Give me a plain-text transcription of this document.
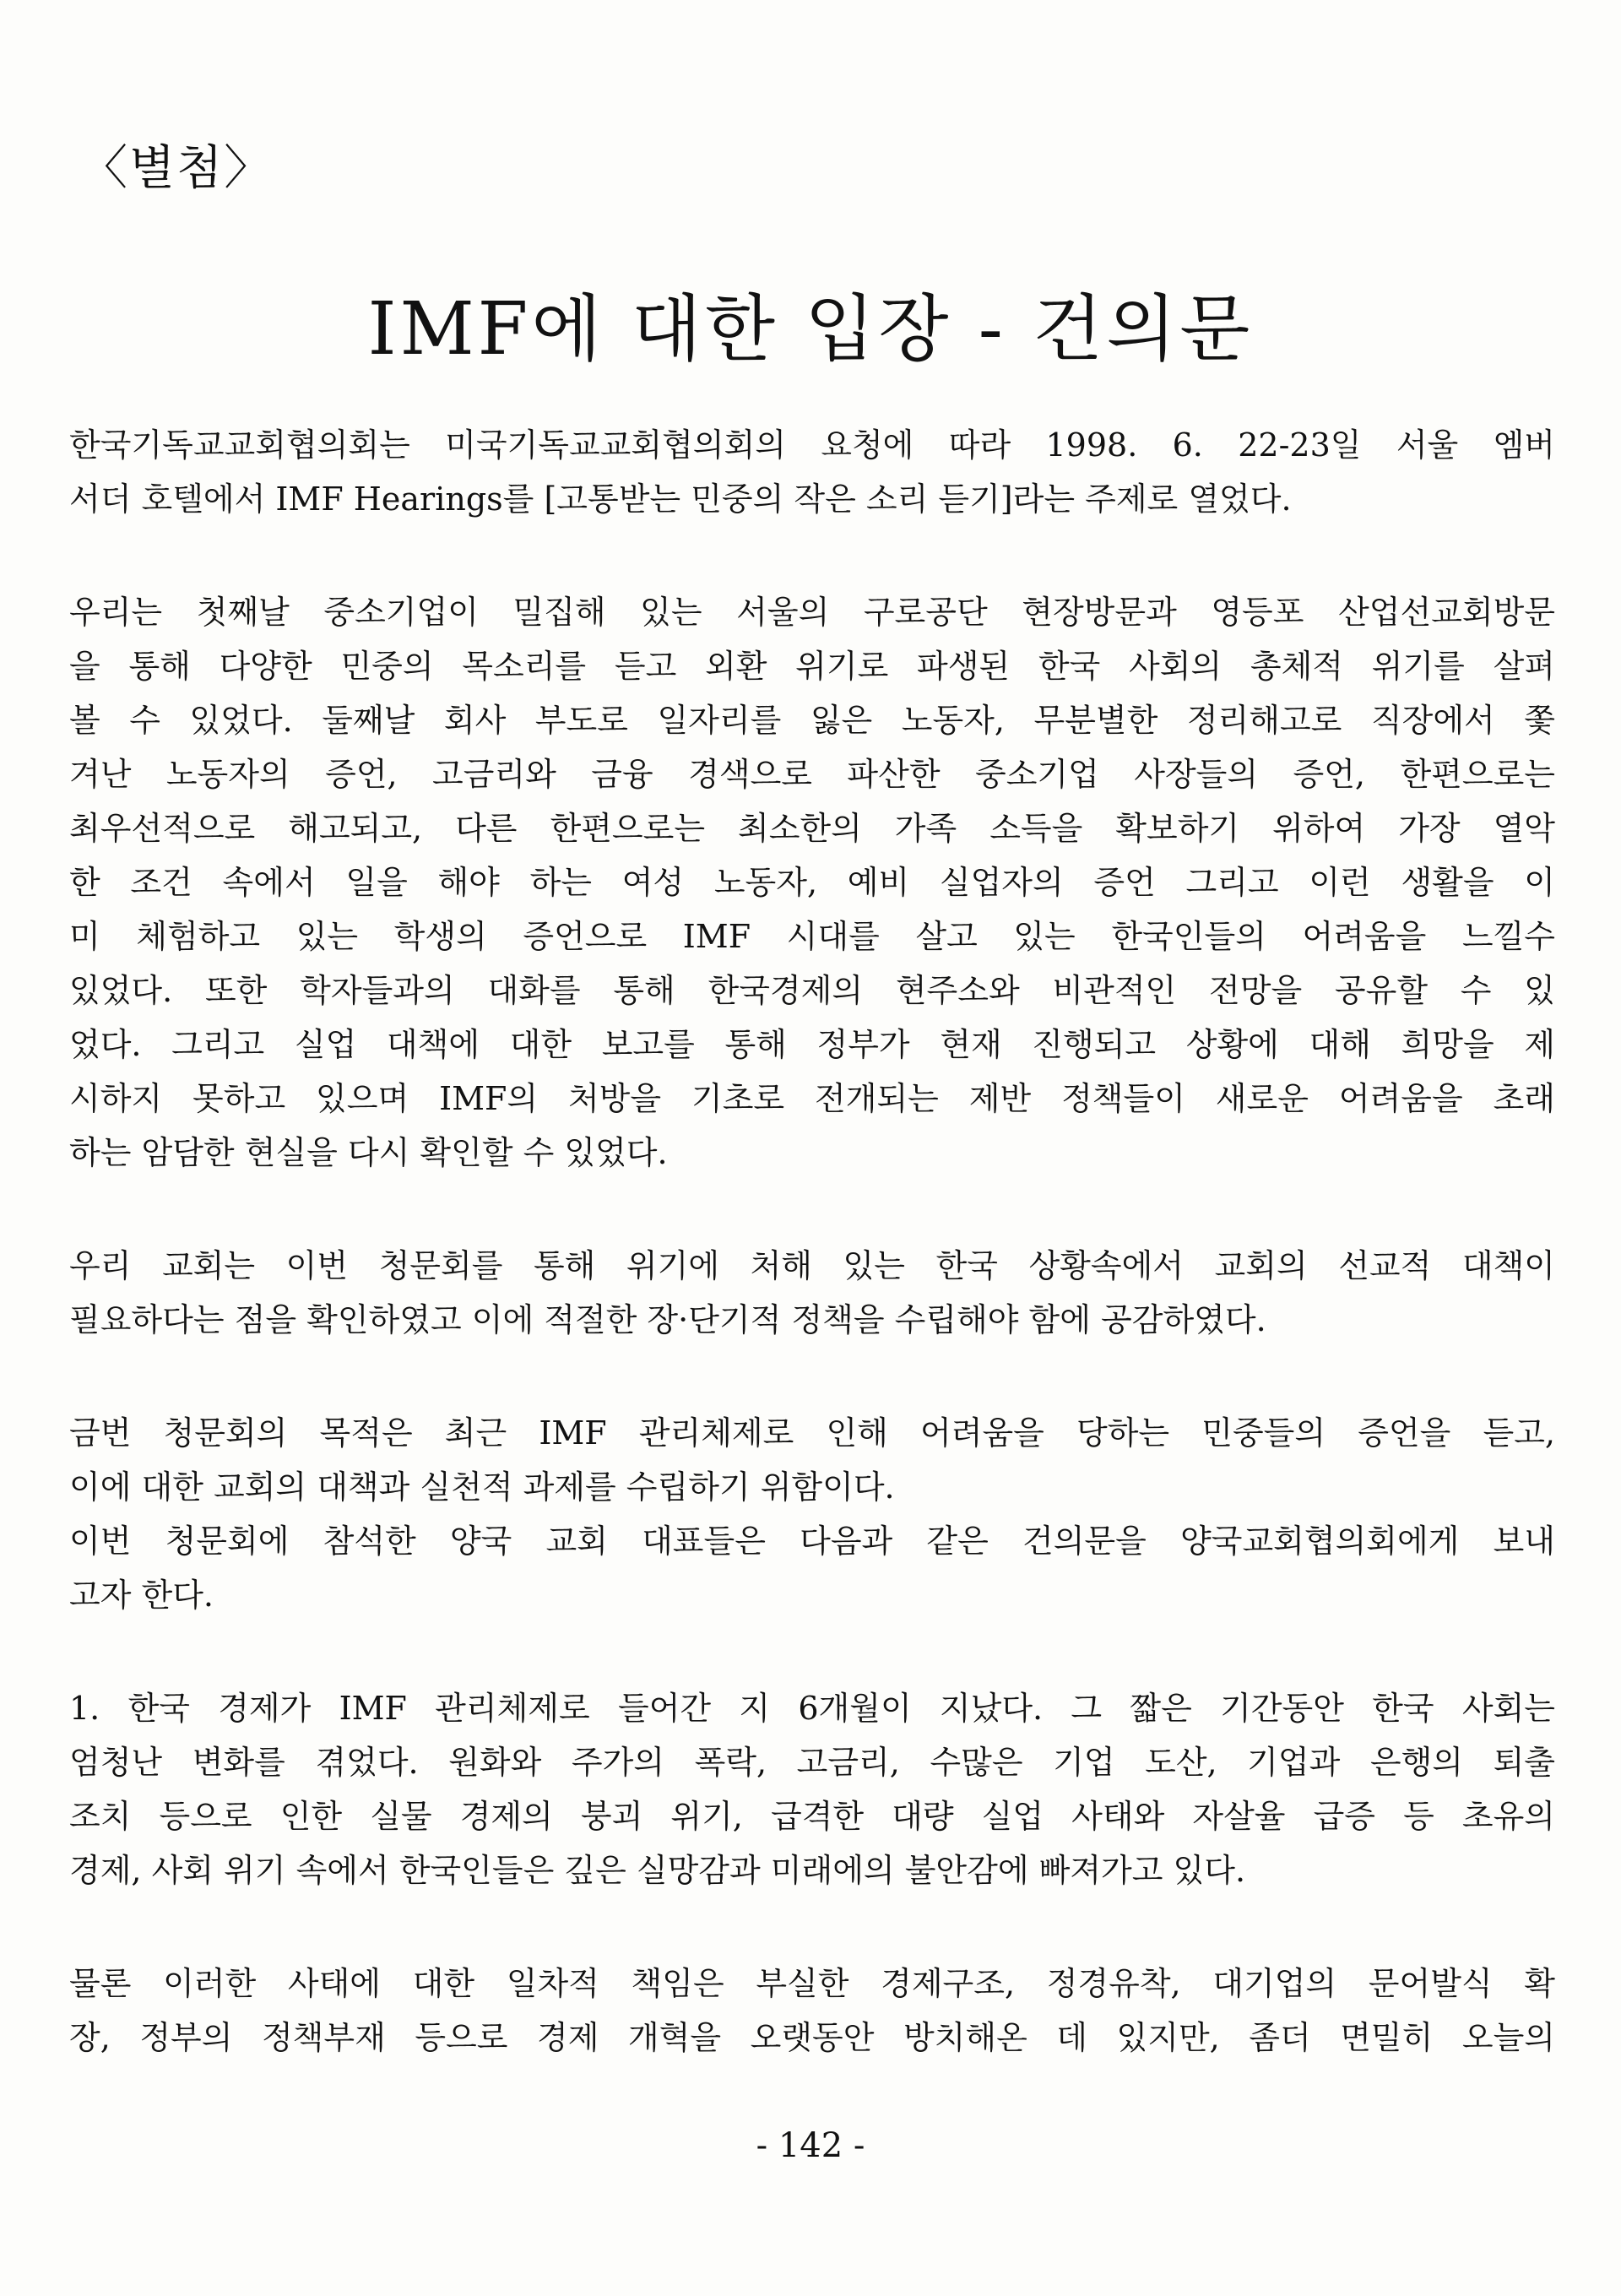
〈별첨〉
IMF에 대한 입장 - 건의문
한국기독교교회협의회는 미국기독교교회협의회의 요청에 따라 1998. 6. 22-23일 서울 엠버
서더 호텔에서 IMF Hearings를 [고통받는 민중의 작은 소리 듣기]라는 주제로 열었다.
우리는 첫째날 중소기업이 밀집해 있는 서울의 구로공단 현장방문과 영등포 산업선교회방문
을 통해 다양한 민중의 목소리를 듣고 외환 위기로 파생된 한국 사회의 총체적 위기를 살펴
볼 수 있었다. 둘째날 회사 부도로 일자리를 잃은 노동자, 무분별한 정리해고로 직장에서 쫓
겨난 노동자의 증언, 고금리와 금융 경색으로 파산한 중소기업 사장들의 증언, 한편으로는
최우선적으로 해고되고, 다른 한편으로는 최소한의 가족 소득을 확보하기 위하여 가장 열악
한 조건 속에서 일을 해야 하는 여성 노동자, 예비 실업자의 증언 그리고 이런 생활을 이
미 체험하고 있는 학생의 증언으로 IMF 시대를 살고 있는 한국인들의 어려움을 느낄수
있었다. 또한 학자들과의 대화를 통해 한국경제의 현주소와 비관적인 전망을 공유할 수 있
었다. 그리고 실업 대책에 대한 보고를 통해 정부가 현재 진행되고 상황에 대해 희망을 제
시하지 못하고 있으며 IMF의 처방을 기초로 전개되는 제반 정책들이 새로운 어려움을 초래
하는 암담한 현실을 다시 확인할 수 있었다.
우리 교회는 이번 청문회를 통해 위기에 처해 있는 한국 상황속에서 교회의 선교적 대책이
필요하다는 점을 확인하였고 이에 적절한 장·단기적 정책을 수립해야 함에 공감하였다.
금번 청문회의 목적은 최근 IMF 관리체제로 인해 어려움을 당하는 민중들의 증언을 듣고,
이에 대한 교회의 대책과 실천적 과제를 수립하기 위함이다.
이번 청문회에 참석한 양국 교회 대표들은 다음과 같은 건의문을 양국교회협의회에게 보내
고자 한다.
1. 한국 경제가 IMF 관리체제로 들어간 지 6개월이 지났다. 그 짧은 기간동안 한국 사회는
엄청난 변화를 겪었다. 원화와 주가의 폭락, 고금리, 수많은 기업 도산, 기업과 은행의 퇴출
조치 등으로 인한 실물 경제의 붕괴 위기, 급격한 대량 실업 사태와 자살율 급증 등 초유의
경제, 사회 위기 속에서 한국인들은 깊은 실망감과 미래에의 불안감에 빠져가고 있다.
물론 이러한 사태에 대한 일차적 책임은 부실한 경제구조, 정경유착, 대기업의 문어발식 확
장, 정부의 정책부재 등으로 경제 개혁을 오랫동안 방치해온 데 있지만, 좀더 면밀히 오늘의
- 142 -
